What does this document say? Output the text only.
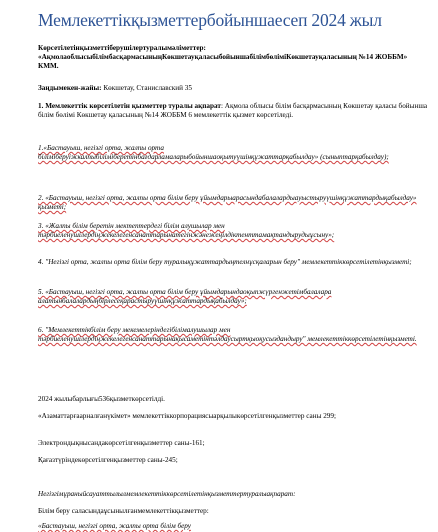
Мемлекеттікқызметтербойыншаесеп 2024 жыл

Көрсетілетінқызметтіберушілертуралымәліметтер:
«АқмолаоблысыбілімбасқармасыныңКөкшетауқаласыбойыншабілімбөліміКөкшетауқаласының №14 ЖОББМ» КММ.

Заңдымекен-жайы: Көкшетау, Станиславский 35

1. Мемлекеттік көрсетілетін қызметтер туралы ақпарат: Ақмола облысы білім басқармасының Көкшетау қаласы бойынша білім бөлімі Көкшетау қаласының №14 ЖОББМ 6 мемлекеттік қызмет көрсетіледі.

1.«Бастауыш, негізгі орта, жалпы орта біліміберуіжкалпыбіліміберетінбағдарламаларыбойыншаоқытуүшінқұжаттарқабылдау» (сыныптарқабылдау);

2. «Бастауыш, негізгі орта, жалпы орта білім беру ұйымдарыарасындабалалардыауыстыруүшінқұжаттардықабылдау» қызметі;

3. «Жалпы білім беретін мектептердегі білім алушылар мен тәрбиеленушілердіңжекелегенсанаттарынатегінжәнежеңілдіктенттамақтандырудыұсыну»;

4. "Негізгі орта, жалпы орта білім беру туралықұжаттардыңтелнұсқаларын беру" мемлекеттіккөрсетілетінқызметі;

5. «Бастауыш, негізгі орта, жалпы орта білім беру ұйымдарындаоқыпжүргенжетімбалалара алатынбалалардыңбірлесеқарастыруүшінқұжаттардықабылдау»;

6. "Мемлекеттікбілім беру мекемелеріндегібілімалушылар мен тәрбиеленушілердіңжекелегенсанаттарынақысаметінтәлдаусыртқыоқусыздандыру" мемлекеттіккөрсетілетінқызметі.

2024 жылыбарлығы536қызметкөрсетілді.

«Азаматтарғаарналғанүкімет» мемлекеттіккорпорациясыарқылыкөрсетілгенқызметтер саны 299;

Электрондықнысандакөрсетілгенқызметтер саны-161;

Қағазтүріндекөрсетілгенқызметтер саны-245;

Негізгімұраныйсауаттылылмемлекеттіккөрсетілетінқызметтертуралыақпарат:

Білім беру саласындаұсынылғанмемлекеттікқызметтер:

«Бастауыш, негізгі орта, жалпы орта білім беру
